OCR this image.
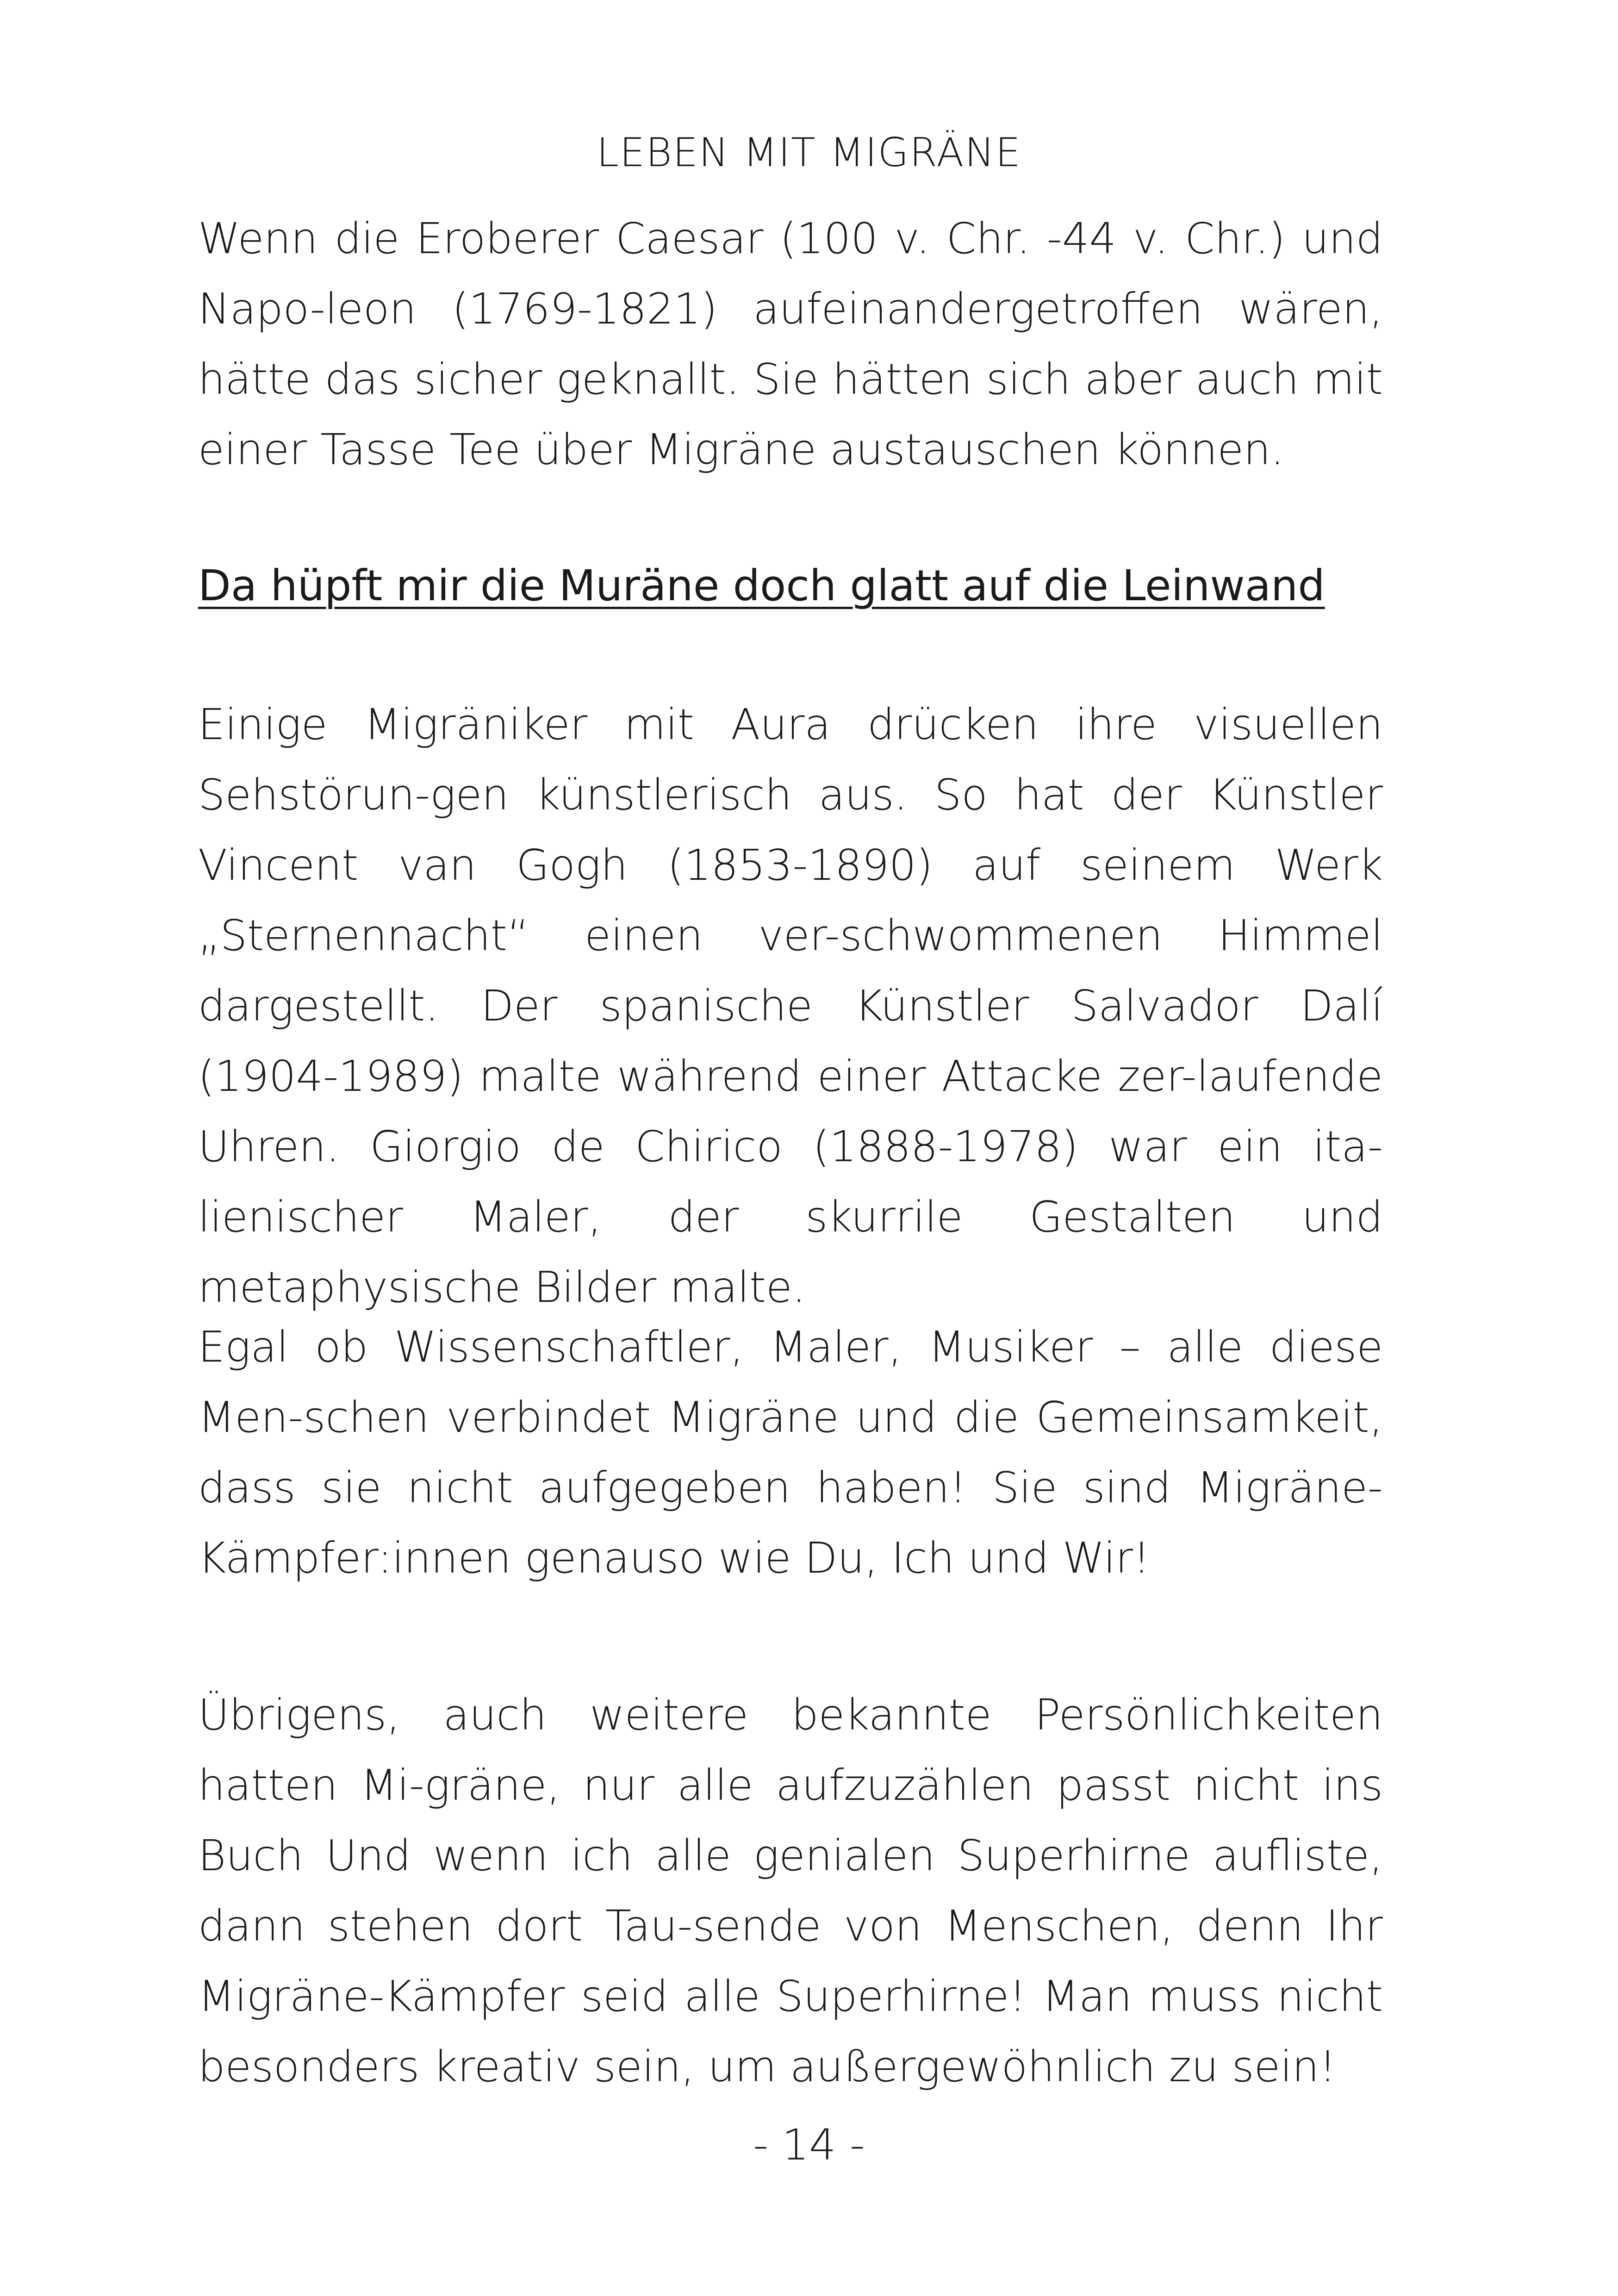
LEBEN MIT MIGRÄNE

Wenn die Eroberer Caesar (100 v. Chr. -44 v. Chr.) und Napo-leon (1769-1821) aufeinandergetroffen wären, hätte das sicher geknallt. Sie hätten sich aber auch mit einer Tasse Tee über Migräne austauschen können.

Da hüpft mir die Muräne doch glatt auf die Leinwand

Einige Migräniker mit Aura drücken ihre visuellen Sehstörun-gen künstlerisch aus. So hat der Künstler Vincent van Gogh (1853-1890) auf seinem Werk „Sternennacht“ einen ver-schwommenen Himmel dargestellt. Der spanische Künstler Salvador Dalí (1904-1989) malte während einer Attacke zer-laufende Uhren. Giorgio de Chirico (1888-1978) war ein ita-lienischer Maler, der skurrile Gestalten und metaphysische Bilder malte.

Egal ob Wissenschaftler, Maler, Musiker – alle diese Men-schen verbindet Migräne und die Gemeinsamkeit, dass sie nicht aufgegeben haben! Sie sind Migräne-Kämpfer:innen genauso wie Du, Ich und Wir!

Übrigens, auch weitere bekannte Persönlichkeiten hatten Mi-gräne, nur alle aufzuzählen passt nicht ins Buch Und wenn ich alle genialen Superhirne aufliste, dann stehen dort Tau-sende von Menschen, denn Ihr Migräne-Kämpfer seid alle Superhirne! Man muss nicht besonders kreativ sein, um außergewöhnlich zu sein!

- 14 -
